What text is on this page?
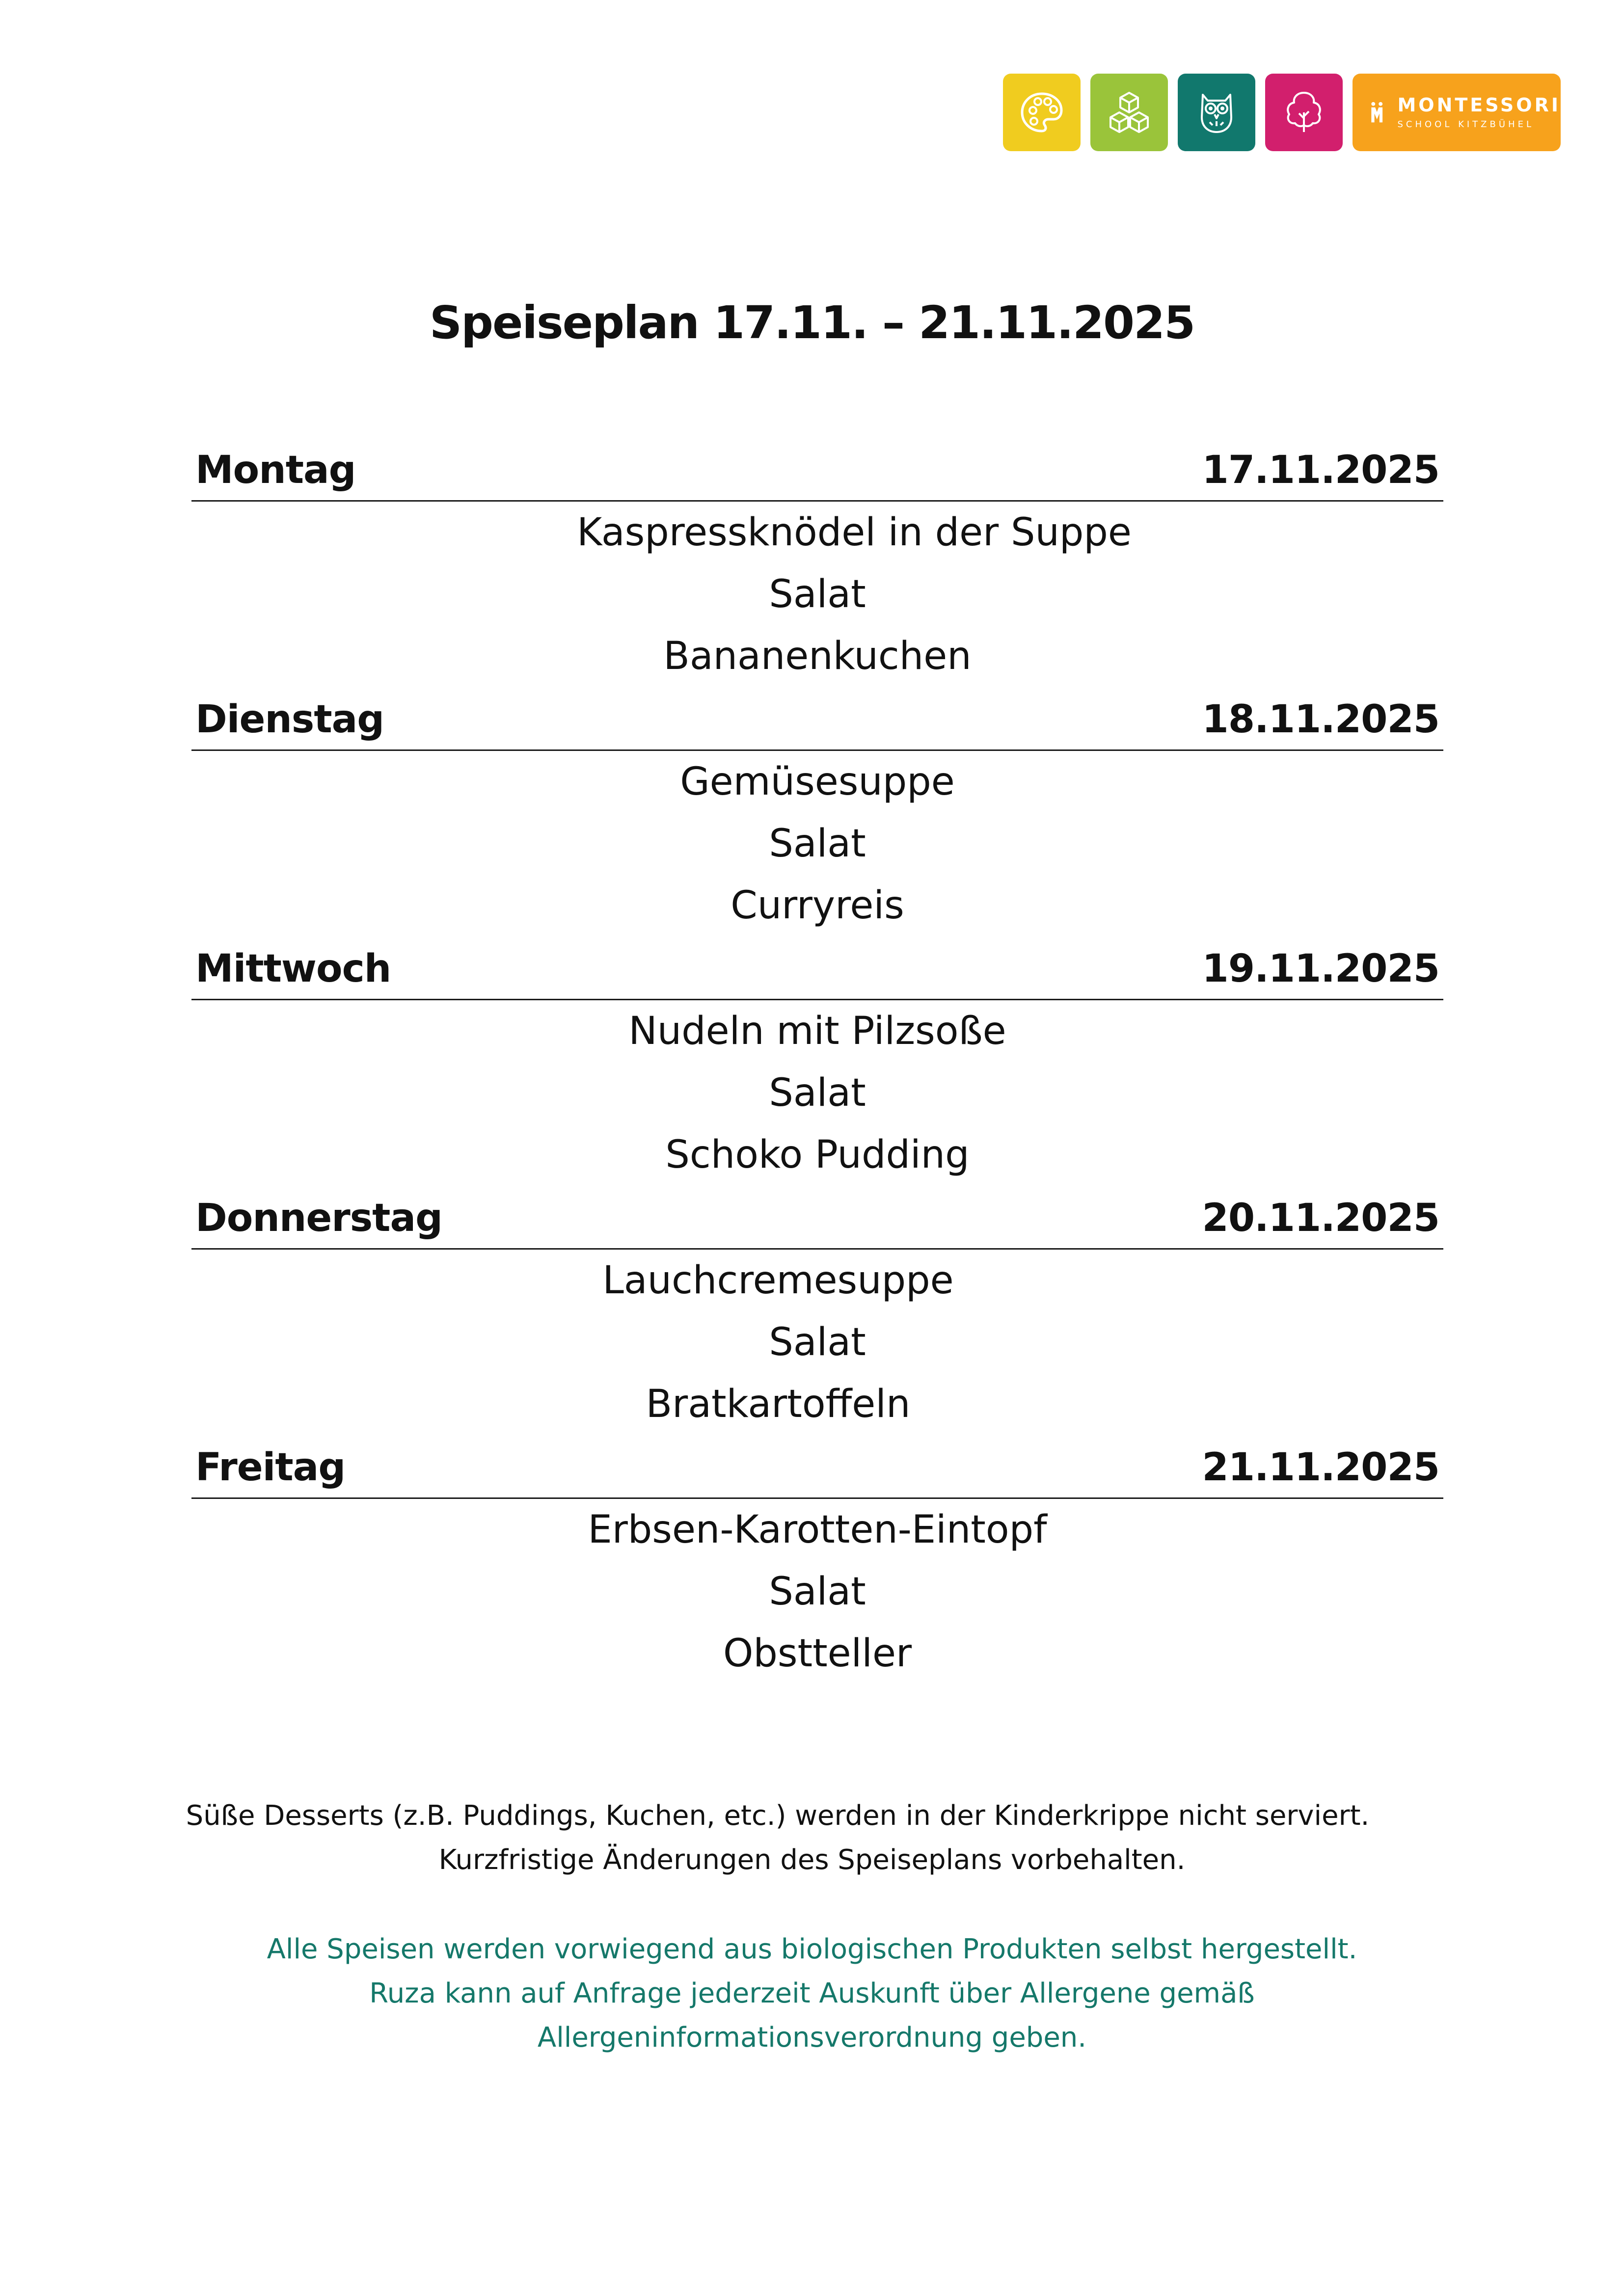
MONTESSORI
SCHOOL KITZBÜHEL
Speiseplan 17.11. – 21.11.2025
Montag	17.11.2025
Kaspressknödel in der Suppe
Salat
Bananenkuchen
Dienstag	18.11.2025
Gemüsesuppe
Salat
Curryreis
Mittwoch	19.11.2025
Nudeln mit Pilzsoße
Salat
Schoko Pudding
Donnerstag	20.11.2025
Lauchcremesuppe
Salat
Bratkartoffeln
Freitag	21.11.2025
Erbsen-Karotten-Eintopf
Salat
Obstteller
Süße Desserts (z.B. Puddings, Kuchen, etc.) werden in der Kinderkrippe nicht serviert.
Kurzfristige Änderungen des Speiseplans vorbehalten.
Alle Speisen werden vorwiegend aus biologischen Produkten selbst hergestellt.
Ruza kann auf Anfrage jederzeit Auskunft über Allergene gemäß
Allergeninformationsverordnung geben.
